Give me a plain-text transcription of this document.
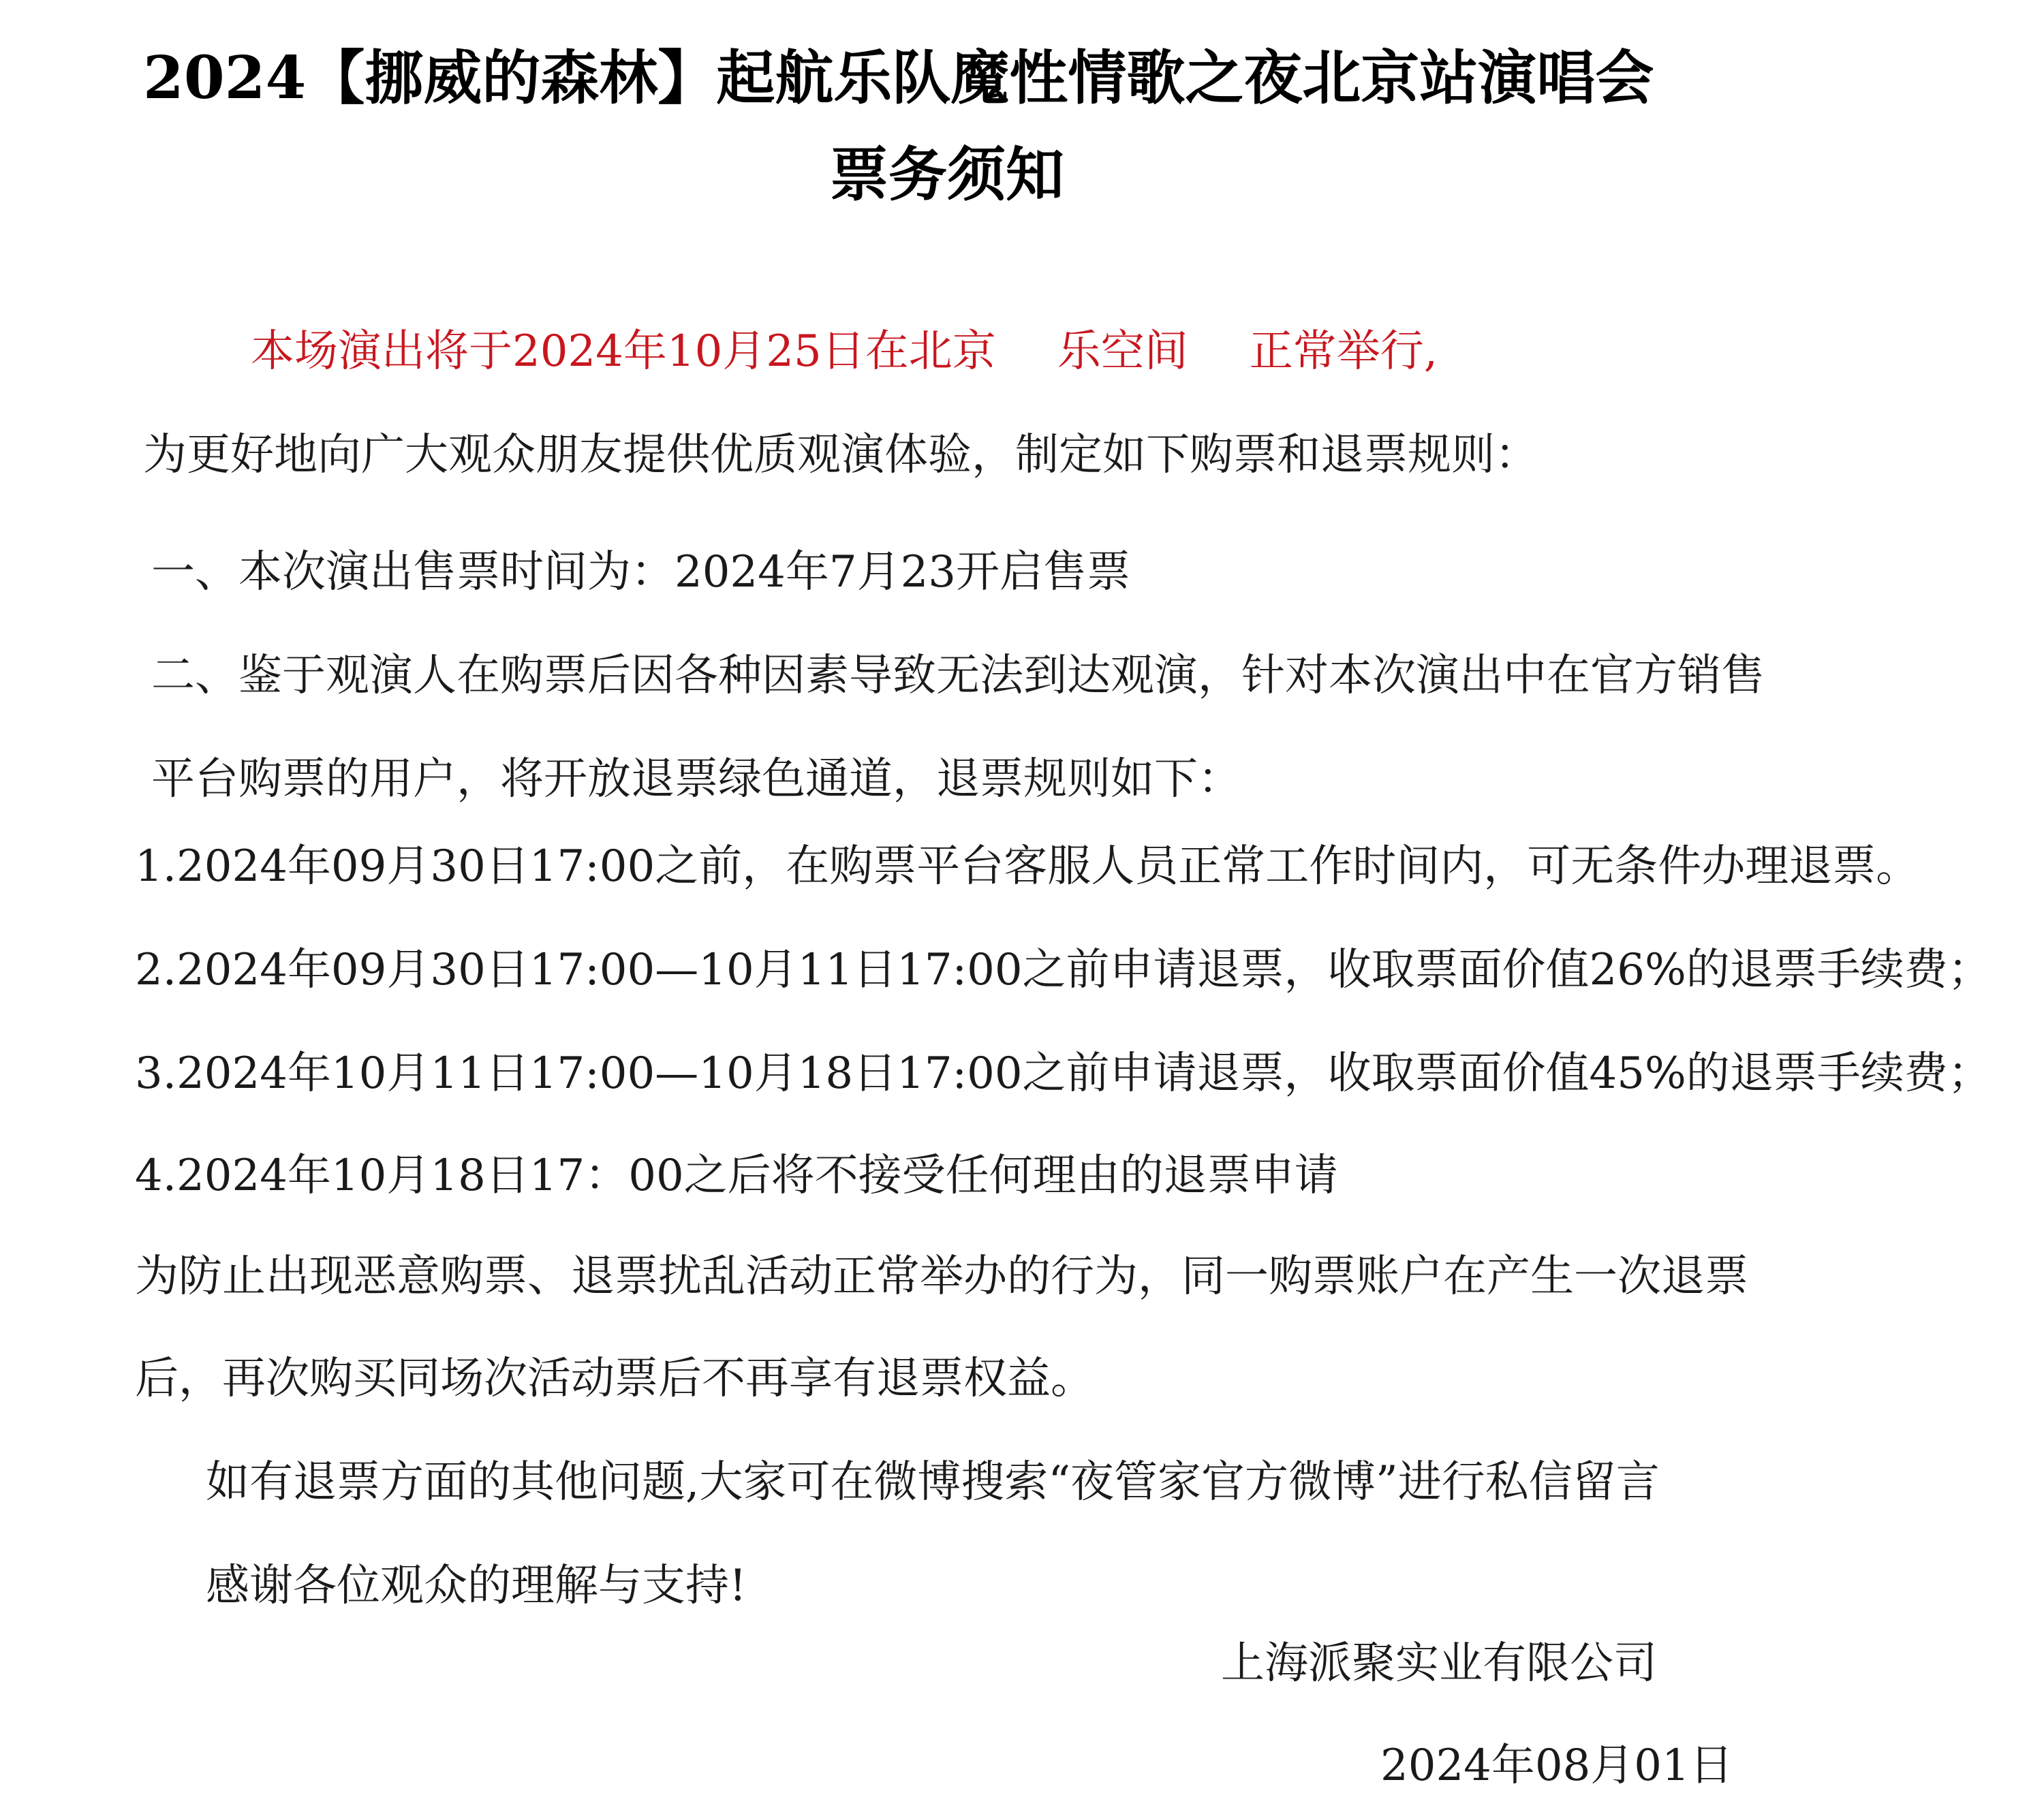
2024【挪威的森林】起航乐队魔性情歌之夜北京站演唱会
票务须知
本场演出将于2024年10月25日在北京 乐空间 正常举行,
为更好地向广大观众朋友提供优质观演体验，制定如下购票和退票规则：
一、本次演出售票时间为：2024年7月23开启售票
二、鉴于观演人在购票后因各种因素导致无法到达观演，针对本次演出中在官方销售
平台购票的用户，将开放退票绿色通道，退票规则如下：
1.2024年09月30日17:00之前，在购票平台客服人员正常工作时间内，可无条件办理退票。
2.2024年09月30日17:00—10月11日17:00之前申请退票，收取票面价值26%的退票手续费；
3.2024年10月11日17:00—10月18日17:00之前申请退票，收取票面价值45%的退票手续费；
4.2024年10月18日17：00之后将不接受任何理由的退票申请
为防止出现恶意购票、退票扰乱活动正常举办的行为，同一购票账户在产生一次退票
后，再次购买同场次活动票后不再享有退票权益。
如有退票方面的其他问题,大家可在微博搜索“夜管家官方微博”进行私信留言
感谢各位观众的理解与支持!
上海派聚实业有限公司
2024年08月01日
